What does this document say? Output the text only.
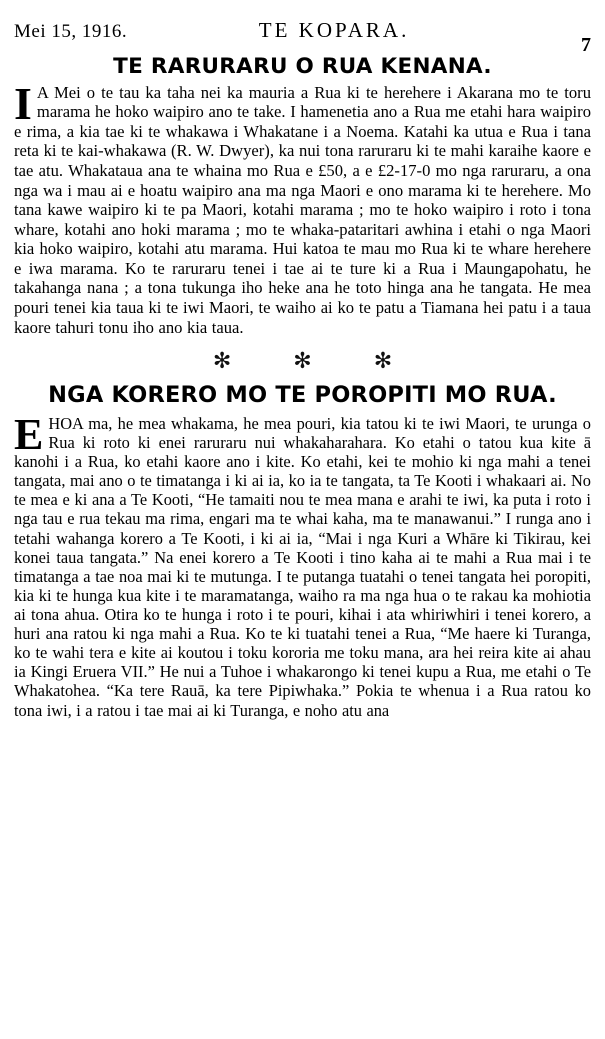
Mei 15, 1916.	TE KOPARA.
7
TE RARURARU O RUA KENANA.
I A Mei o te tau ka taha nei ka mauria a Rua ki te herehere i Akarana mo te toru marama he hoko waipiro ano te take. I hamenetia ano a Rua me etahi hara waipiro e rima, a kia tae ki te whakawa i Whakatane i a Noema. Katahi ka utua e Rua i tana reta ki te kai-whakawa (R. W. Dwyer), ka nui tona raruraru ki te mahi karaihe kaore e tae atu. Whakataua ana te whaina mo Rua e £50, a e £2-17-0 mo nga raruraru, a ona nga wa i mau ai e hoatu waipiro ana ma nga Maori e ono marama ki te herehere. Mo tana kawe waipiro ki te pa Maori, kotahi marama ; mo te hoko waipiro i roto i tona whare, kotahi ano hoki marama ; mo te whaka-pataritari awhina i etahi o nga Maori kia hoko waipiro, kotahi atu marama. Hui katoa te mau mo Rua ki te whare herehere e iwa marama. Ko te raruraru tenei i tae ai te ture ki a Rua i Maungapohatu, he takahanga nana ; a tona tukunga iho heke ana he toto hinga ana he tangata. He mea pouri tenei kia taua ki te iwi Maori, te waiho ai ko te patu a Tiamana hei patu i a taua kaore tahuri tonu iho ano kia taua.
✻	✻	✻
NGA KORERO MO TE POROPITI MO RUA.
EHOA ma, he mea whakama, he mea pouri, kia tatou ki te iwi Maori, te urunga o Rua ki roto ki enei raruraru nui whakaharahara. Ko etahi o tatou kua kite ā kanohi i a Rua, ko etahi kaore ano i kite. Ko etahi, kei te mohio ki nga mahi a tenei tangata, mai ano o te timatanga i ki ai ia, ko ia te tangata, ta Te Kooti i whakaari ai. No te mea e ki ana a Te Kooti, “He tamaiti nou te mea mana e arahi te iwi, ka puta i roto i nga tau e rua tekau ma rima, engari ma te whai kaha, ma te manawanui.” I runga ano i tetahi wahanga korero a Te Kooti, i ki ai ia, “Mai i nga Kuri a Whāre ki Tikirau, kei konei taua tangata.” Na enei korero a Te Kooti i tino kaha ai te mahi a Rua mai i te timatanga a tae noa mai ki te mutunga. I te putanga tuatahi o tenei tangata hei poropiti, kia ki te hunga kua kite i te maramatanga, waiho ra ma nga hua o te rakau ka mohiotia ai tona ahua. Otira ko te hunga i roto i te pouri, kihai i ata whiriwhiri i tenei korero, a huri ana ratou ki nga mahi a Rua. Ko te ki tuatahi tenei a Rua, “Me haere ki Turanga, ko te wahi tera e kite ai koutou i toku kororia me toku mana, ara hei reira kite ai ahau ia Kingi Eruera VII.” He nui a Tuhoe i whakarongo ki tenei kupu a Rua, me etahi o Te Whakatohea. “Ka tere Rauā, ka tere Pipiwhaka.” Pokia te whenua i a Rua ratou ko tona iwi, i a ratou i tae mai ai ki Turanga, e noho atu ana
